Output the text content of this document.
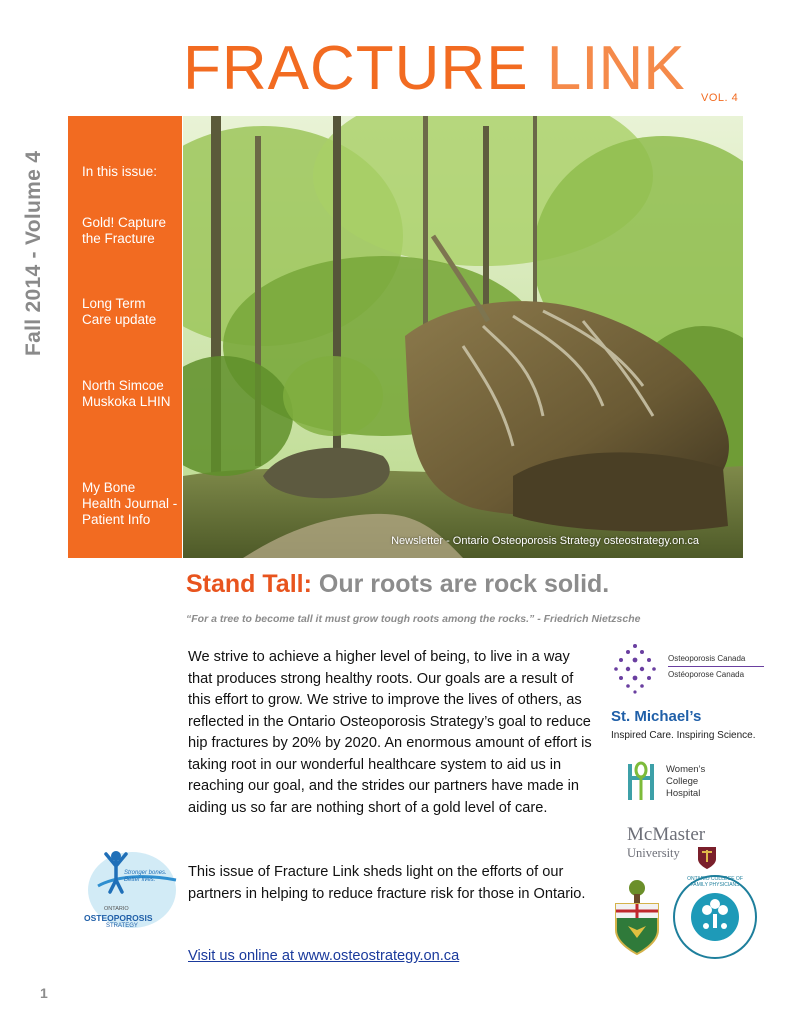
FRACTURE LINK VOL. 4
Fall 2014 - Volume 4	In this issue:
Gold! Capture the Fracture
Long Term Care update
North Simcoe Muskoka LHIN
My Bone Health Journal - Patient Info
Newsletter - Ontario Osteoporosis Strategy osteostrategy.on.ca
Stand Tall: Our roots are rock solid.
“For a tree to become tall it must grow tough roots among the rocks.” - Friedrich Nietzsche
We strive to achieve a higher level of being, to live in a way that produces strong healthy roots. Our goals are a result of this effort to grow. We strive to improve the lives of others, as reflected in the Ontario Osteoporosis Strategy’s goal to reduce hip fractures by 20% by 2020. An enormous amount of effort is taking root in our wonderful healthcare system to aid us in reaching our goal, and the strides our partners have made in aiding us so far are nothing short of a gold level of care.
This issue of Fracture Link sheds light on the efforts of our partners in helping to reduce fracture risk for those in Ontario.
Visit us online at www.osteostrategy.on.ca
Stronger bones.
Better lives.
ONTARIO
OSTEOPOROSIS
STRATEGY
Osteoporosis Canada
Ostéoporose Canada
St. Michael’s
Inspired Care. Inspiring Science.
Women’s
College
Hospital
McMaster
University
ONTARIO COLLEGE OF FAMILY PHYSICIANS
1
